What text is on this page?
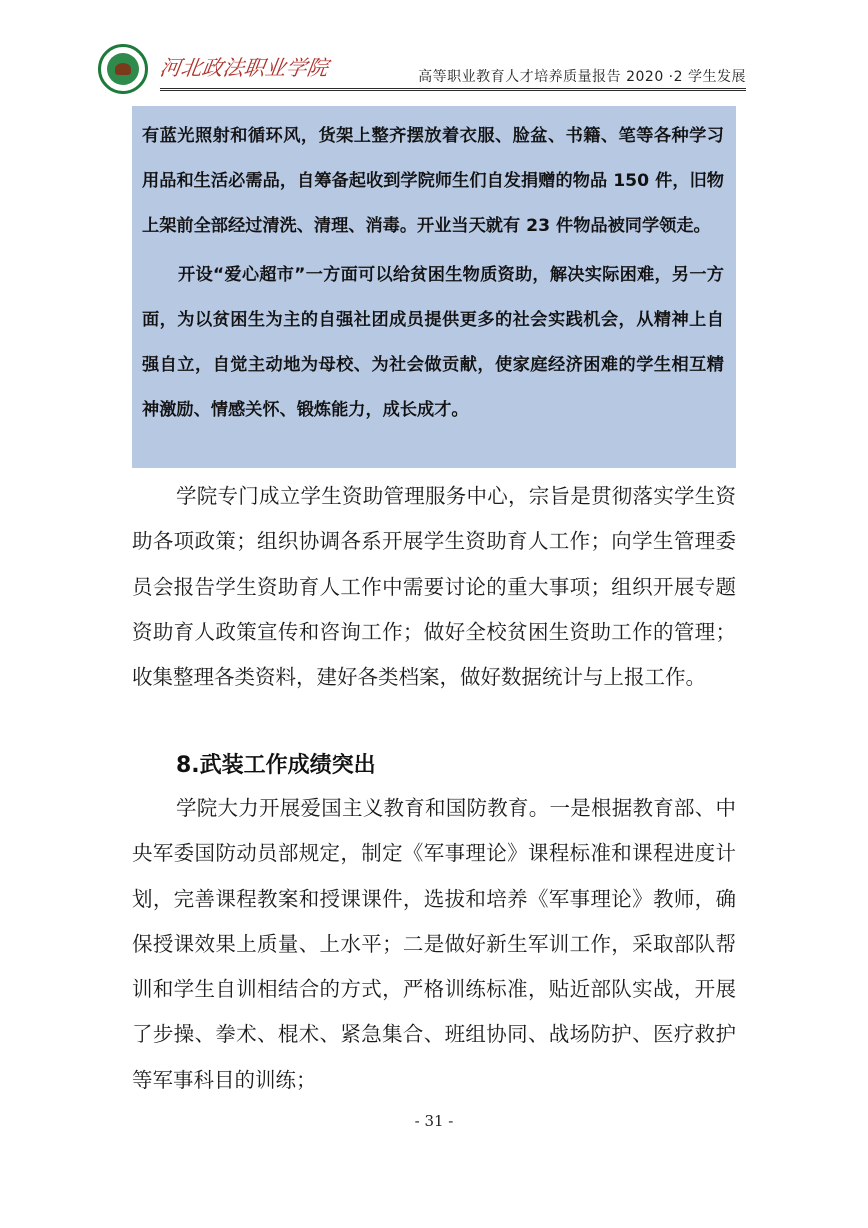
河北政法职业学院	高等职业教育人才培养质量报告 2020 ·2 学生发展

有蓝光照射和循环风，货架上整齐摆放着衣服、脸盆、书籍、笔等各种学习用品和生活必需品，自筹备起收到学院师生们自发捐赠的物品 150 件，旧物上架前全部经过清洗、清理、消毒。开业当天就有 23 件物品被同学领走。

开设“爱心超市”一方面可以给贫困生物质资助，解决实际困难，另一方面，为以贫困生为主的自强社团成员提供更多的社会实践机会，从精神上自强自立，自觉主动地为母校、为社会做贡献，使家庭经济困难的学生相互精神激励、情感关怀、锻炼能力，成长成才。

学院专门成立学生资助管理服务中心，宗旨是贯彻落实学生资助各项政策；组织协调各系开展学生资助育人工作；向学生管理委员会报告学生资助育人工作中需要讨论的重大事项；组织开展专题资助育人政策宣传和咨询工作；做好全校贫困生资助工作的管理；收集整理各类资料，建好各类档案，做好数据统计与上报工作。

8.武装工作成绩突出

学院大力开展爱国主义教育和国防教育。一是根据教育部、中央军委国防动员部规定，制定《军事理论》课程标准和课程进度计划，完善课程教案和授课课件，选拔和培养《军事理论》教师，确保授课效果上质量、上水平；二是做好新生军训工作，采取部队帮训和学生自训相结合的方式，严格训练标准，贴近部队实战，开展了步操、拳术、棍术、紧急集合、班组协同、战场防护、医疗救护等军事科目的训练；

- 31 -
